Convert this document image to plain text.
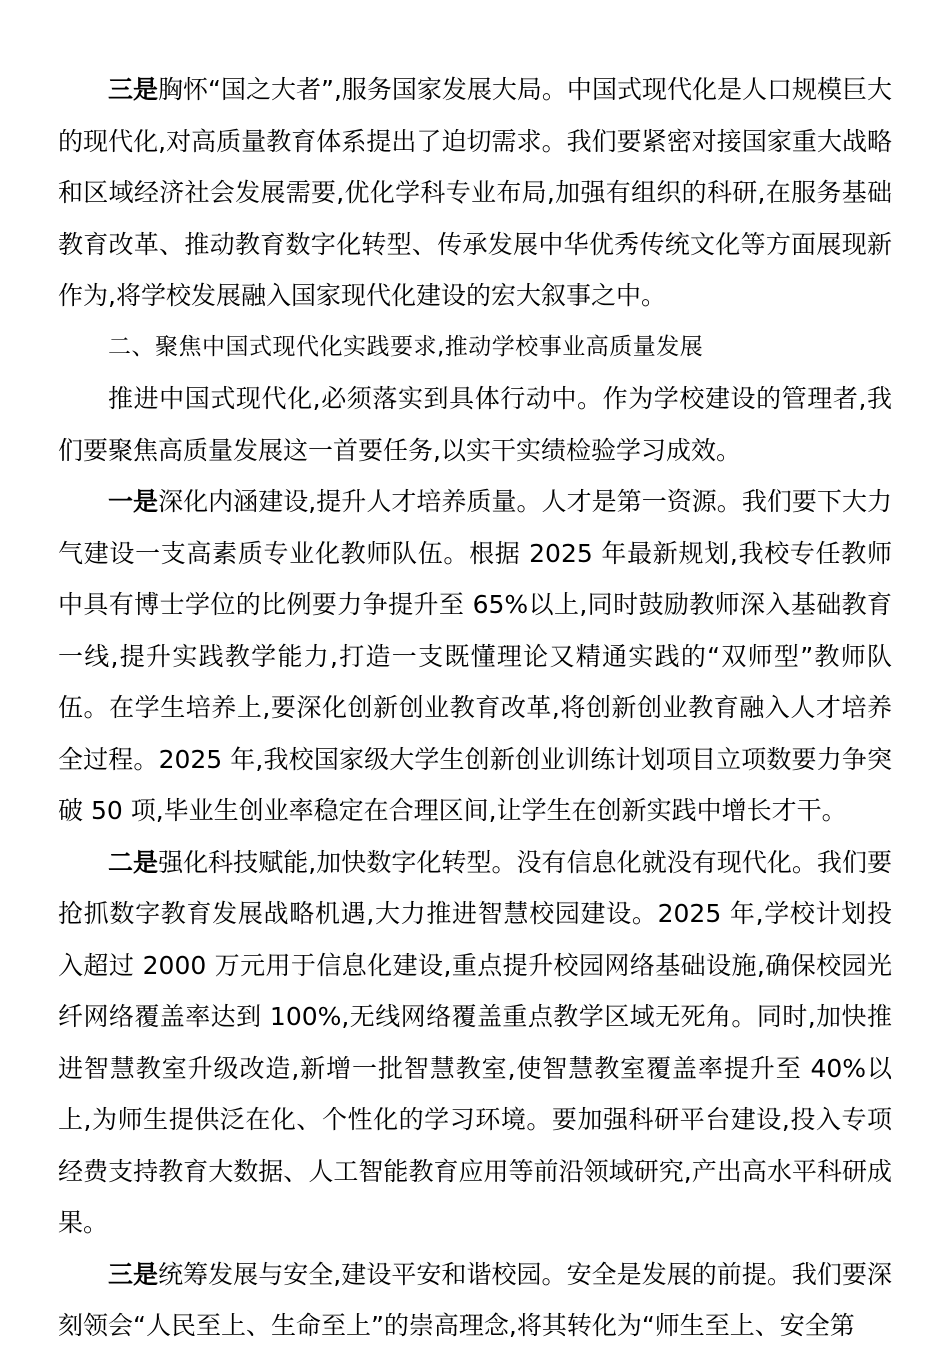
三是胸怀“国之大者”,服务国家发展大局。中国式现代化是人口规模巨大的现代化,对高质量教育体系提出了迫切需求。我们要紧密对接国家重大战略和区域经济社会发展需要,优化学科专业布局,加强有组织的科研,在服务基础教育改革、推动教育数字化转型、传承发展中华优秀传统文化等方面展现新作为,将学校发展融入国家现代化建设的宏大叙事之中。

二、聚焦中国式现代化实践要求,推动学校事业高质量发展

推进中国式现代化,必须落实到具体行动中。作为学校建设的管理者,我们要聚焦高质量发展这一首要任务,以实干实绩检验学习成效。

一是深化内涵建设,提升人才培养质量。人才是第一资源。我们要下大力气建设一支高素质专业化教师队伍。根据 2025 年最新规划,我校专任教师中具有博士学位的比例要力争提升至 65%以上,同时鼓励教师深入基础教育一线,提升实践教学能力,打造一支既懂理论又精通实践的“双师型”教师队伍。在学生培养上,要深化创新创业教育改革,将创新创业教育融入人才培养全过程。2025 年,我校国家级大学生创新创业训练计划项目立项数要力争突破 50 项,毕业生创业率稳定在合理区间,让学生在创新实践中增长才干。

二是强化科技赋能,加快数字化转型。没有信息化就没有现代化。我们要抢抓数字教育发展战略机遇,大力推进智慧校园建设。2025 年,学校计划投入超过 2000 万元用于信息化建设,重点提升校园网络基础设施,确保校园光纤网络覆盖率达到 100%,无线网络覆盖重点教学区域无死角。同时,加快推进智慧教室升级改造,新增一批智慧教室,使智慧教室覆盖率提升至 40%以上,为师生提供泛在化、个性化的学习环境。要加强科研平台建设,投入专项经费支持教育大数据、人工智能教育应用等前沿领域研究,产出高水平科研成果。

三是统筹发展与安全,建设平安和谐校园。安全是发展的前提。我们要深刻领会“人民至上、生命至上”的崇高理念,将其转化为“师生至上、安全第
